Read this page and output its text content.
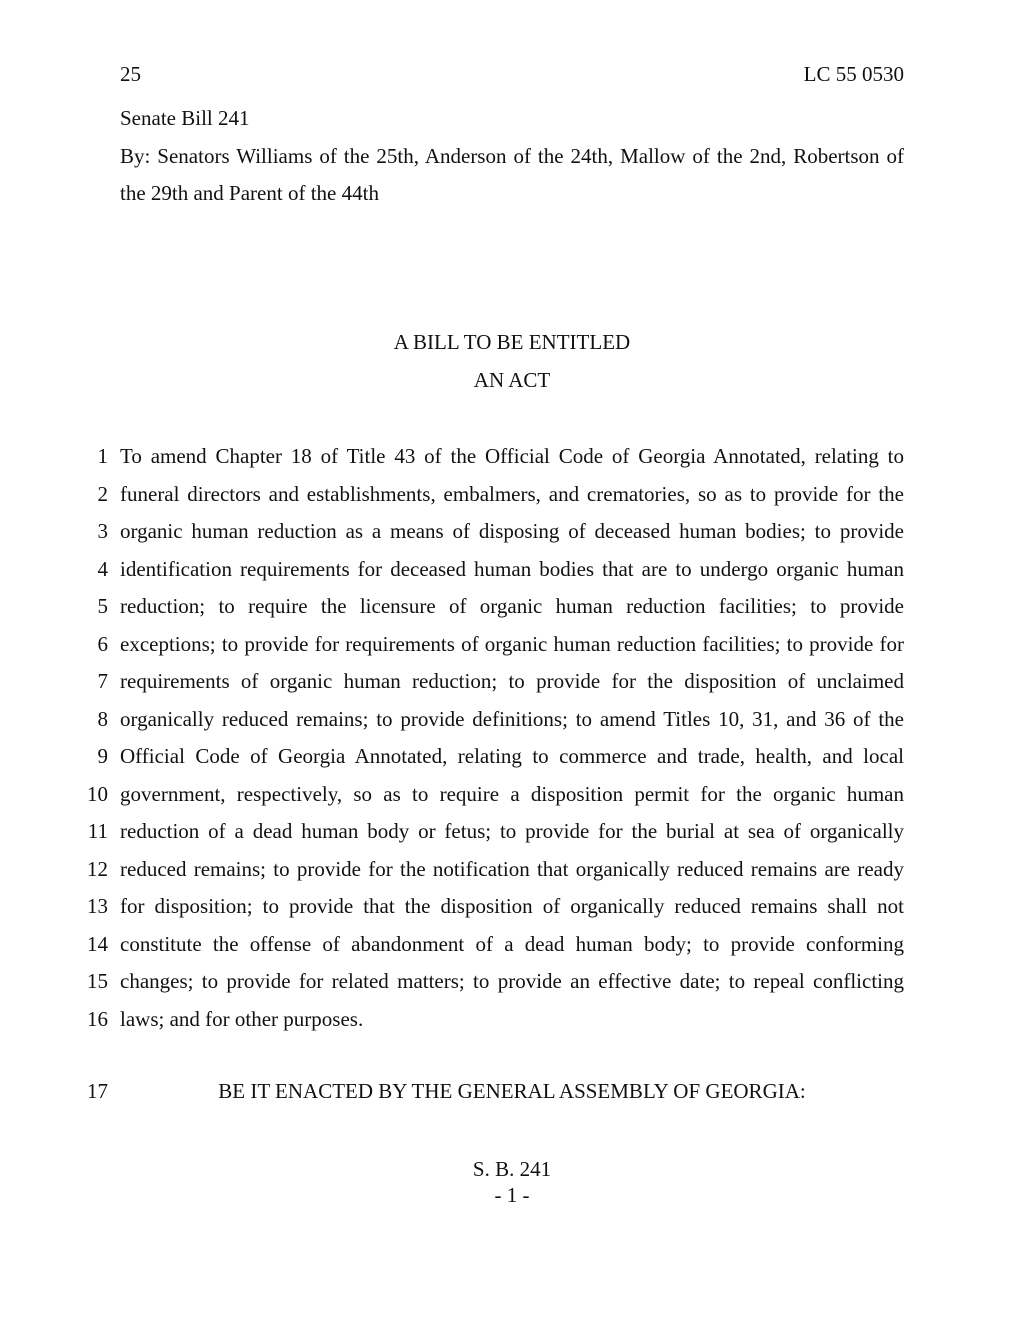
25	LC 55 0530
Senate Bill 241
By: Senators Williams of the 25th, Anderson of the 24th, Mallow of the 2nd, Robertson of
the 29th and Parent of the 44th
A BILL TO BE ENTITLED
AN ACT
1 To amend Chapter 18 of Title 43 of the Official Code of Georgia Annotated, relating to
2 funeral directors and establishments, embalmers, and crematories, so as to provide for the
3 organic human reduction as a means of disposing of deceased human bodies; to provide
4 identification requirements for deceased human bodies that are to undergo organic human
5 reduction; to require the licensure of organic human reduction facilities; to provide
6 exceptions; to provide for requirements of organic human reduction facilities; to provide for
7 requirements of organic human reduction; to provide for the disposition of unclaimed
8 organically reduced remains; to provide definitions; to amend Titles 10, 31, and 36 of the
9 Official Code of Georgia Annotated, relating to commerce and trade, health, and local
10 government, respectively, so as to require a disposition permit for the organic human
11 reduction of a dead human body or fetus; to provide for the burial at sea of organically
12 reduced remains; to provide for the notification that organically reduced remains are ready
13 for disposition; to provide that the disposition of organically reduced remains shall not
14 constitute the offense of abandonment of a dead human body; to provide conforming
15 changes; to provide for related matters; to provide an effective date; to repeal conflicting
16 laws; and for other purposes.
17	BE IT ENACTED BY THE GENERAL ASSEMBLY OF GEORGIA:
S. B. 241
- 1 -
